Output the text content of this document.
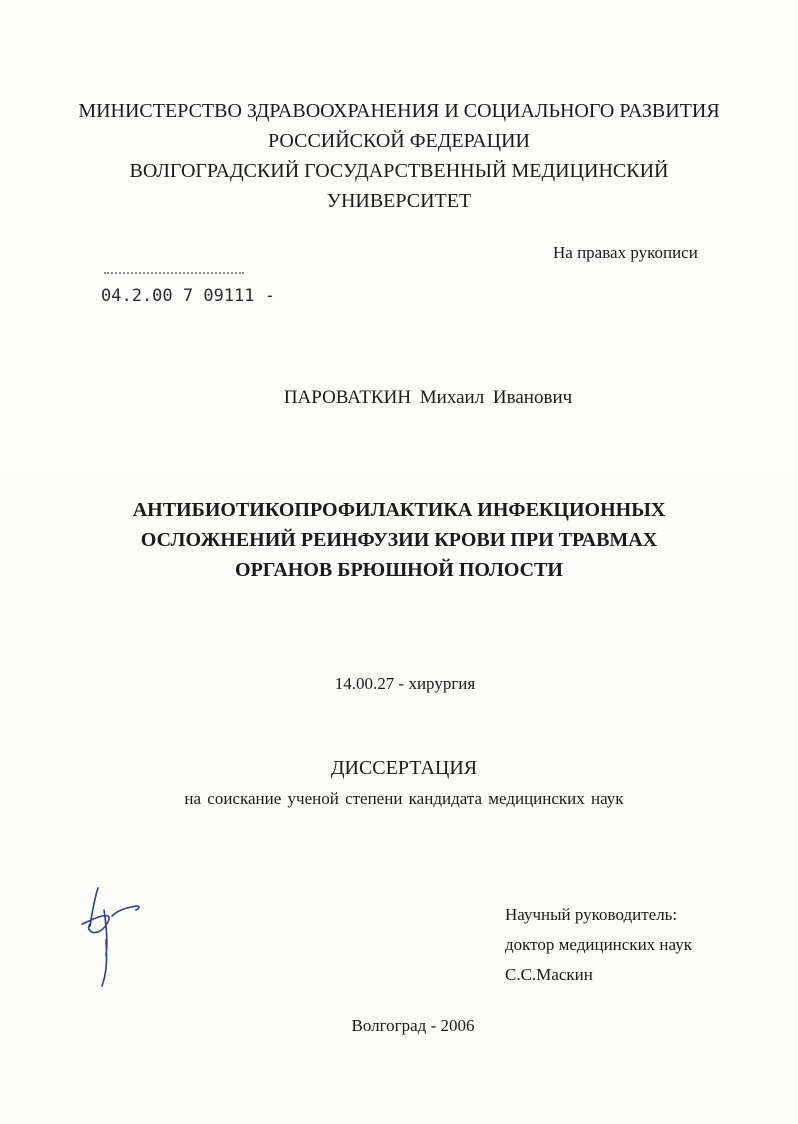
МИНИСТЕРСТВО ЗДРАВООХРАНЕНИЯ И СОЦИАЛЬНОГО РАЗВИТИЯ
РОССИЙСКОЙ ФЕДЕРАЦИИ
ВОЛГОГРАДСКИЙ ГОСУДАРСТВЕННЫЙ МЕДИЦИНСКИЙ
УНИВЕРСИТЕТ
На правах рукописи
04.2.00 7 09111 -
ПАРОВАТКИН Михаил Иванович
АНТИБИОТИКОПРОФИЛАКТИКА ИНФЕКЦИОННЫХ
ОСЛОЖНЕНИЙ РЕИНФУЗИИ КРОВИ ПРИ ТРАВМАХ
ОРГАНОВ БРЮШНОЙ ПОЛОСТИ
14.00.27 - хирургия
ДИССЕРТАЦИЯ
на соискание ученой степени кандидата медицинских наук
Научный руководитель:
доктор медицинских наук
С.С.Маскин
Волгоград - 2006
